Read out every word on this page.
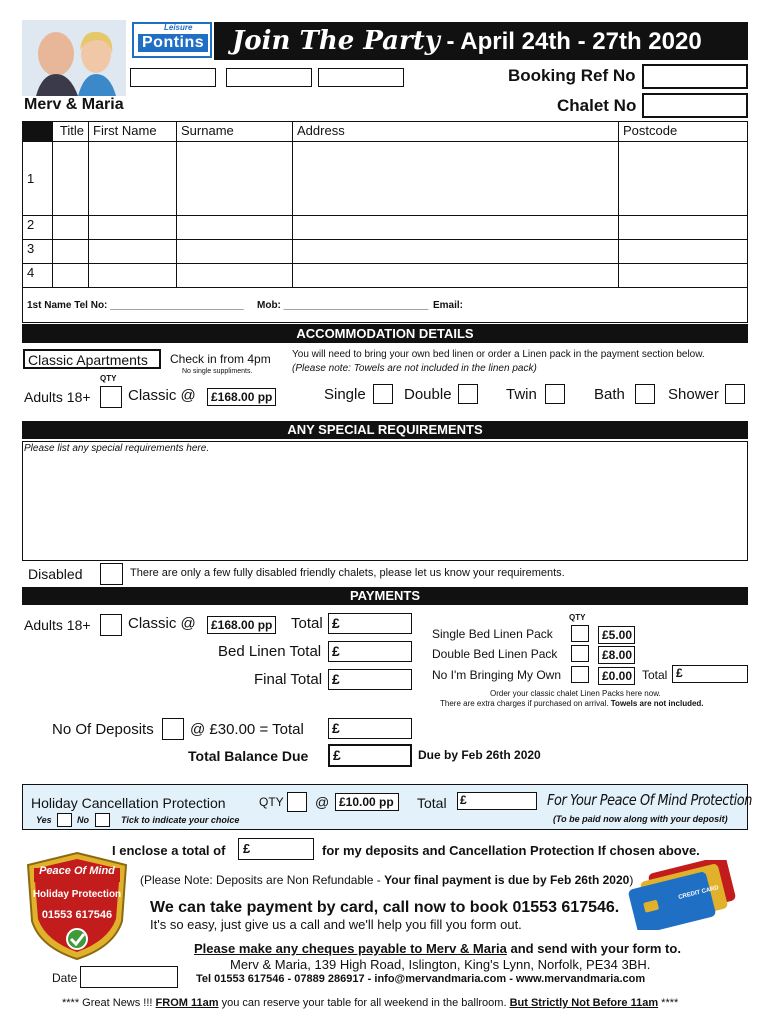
Leisure
Pontins	Join The Party - April 24th - 27th 2020
Booking Ref No
Merv & Maria	Chalet No
	Title	First Name	Surname	Address	Postcode
1					
2					
3					
4					
1st Name Tel No: ________________________ Mob: __________________________ Email:
ACCOMMODATION DETAILS
Classic Apartments Check in from 4pm
No single suppliments.
You will need to bring your own bed linen or order a Linen pack in the payment section below.
(Please note: Towels are not included in the linen pack)
QTY
Adults 18+ Classic @	£168.00 pp	Single	Double	Twin	Bath	Shower
ANY SPECIAL REQUIREMENTS
Please list any special requirements here.
Disabled	There are only a few fully disabled friendly chalets, please let us know your requirements.
PAYMENTS
Adults 18+ Classic @	£168.00 pp Total £
Bed Linen Total £
Final Total £
QTY
Single Bed Linen Pack	£5.00
Double Bed Linen Pack	£8.00
No I'm Bringing My Own	£0.00 Total £
Order your classic chalet Linen Packs here now.
There are extra charges if purchased on arrival. Towels are not included.
No Of Deposits @ £30.00 = Total £
Total Balance Due £	Due by Feb 26th 2020
Holiday Cancellation Protection	QTY @ £10.00 pp	Total £	For Your Peace Of Mind Protection
Yes	No	Tick to indicate your choice	(To be paid now along with your deposit)
I enclose a total of £	for my deposits and Cancellation Protection If chosen above.
Peace Of Mind
Holiday Protection
01553 617546
(Please Note: Deposits are Non Refundable - Your final payment is due by Feb 26th 2020)
CREDIT CARD
We can take payment by card, call now to book 01553 617546.
It's so easy, just give us a call and we'll help you fill you form out.
Please make any cheques payable to Merv & Maria and send with your form to.
Merv & Maria, 139 High Road, Islington, King's Lynn, Norfolk, PE34 3BH.
Tel 01553 617546 - 07889 286917 - info@mervandmaria.com - www.mervandmaria.com
Date
**** Great News !!! FROM 11am you can reserve your table for all weekend in the ballroom. But Strictly Not Before 11am ****
